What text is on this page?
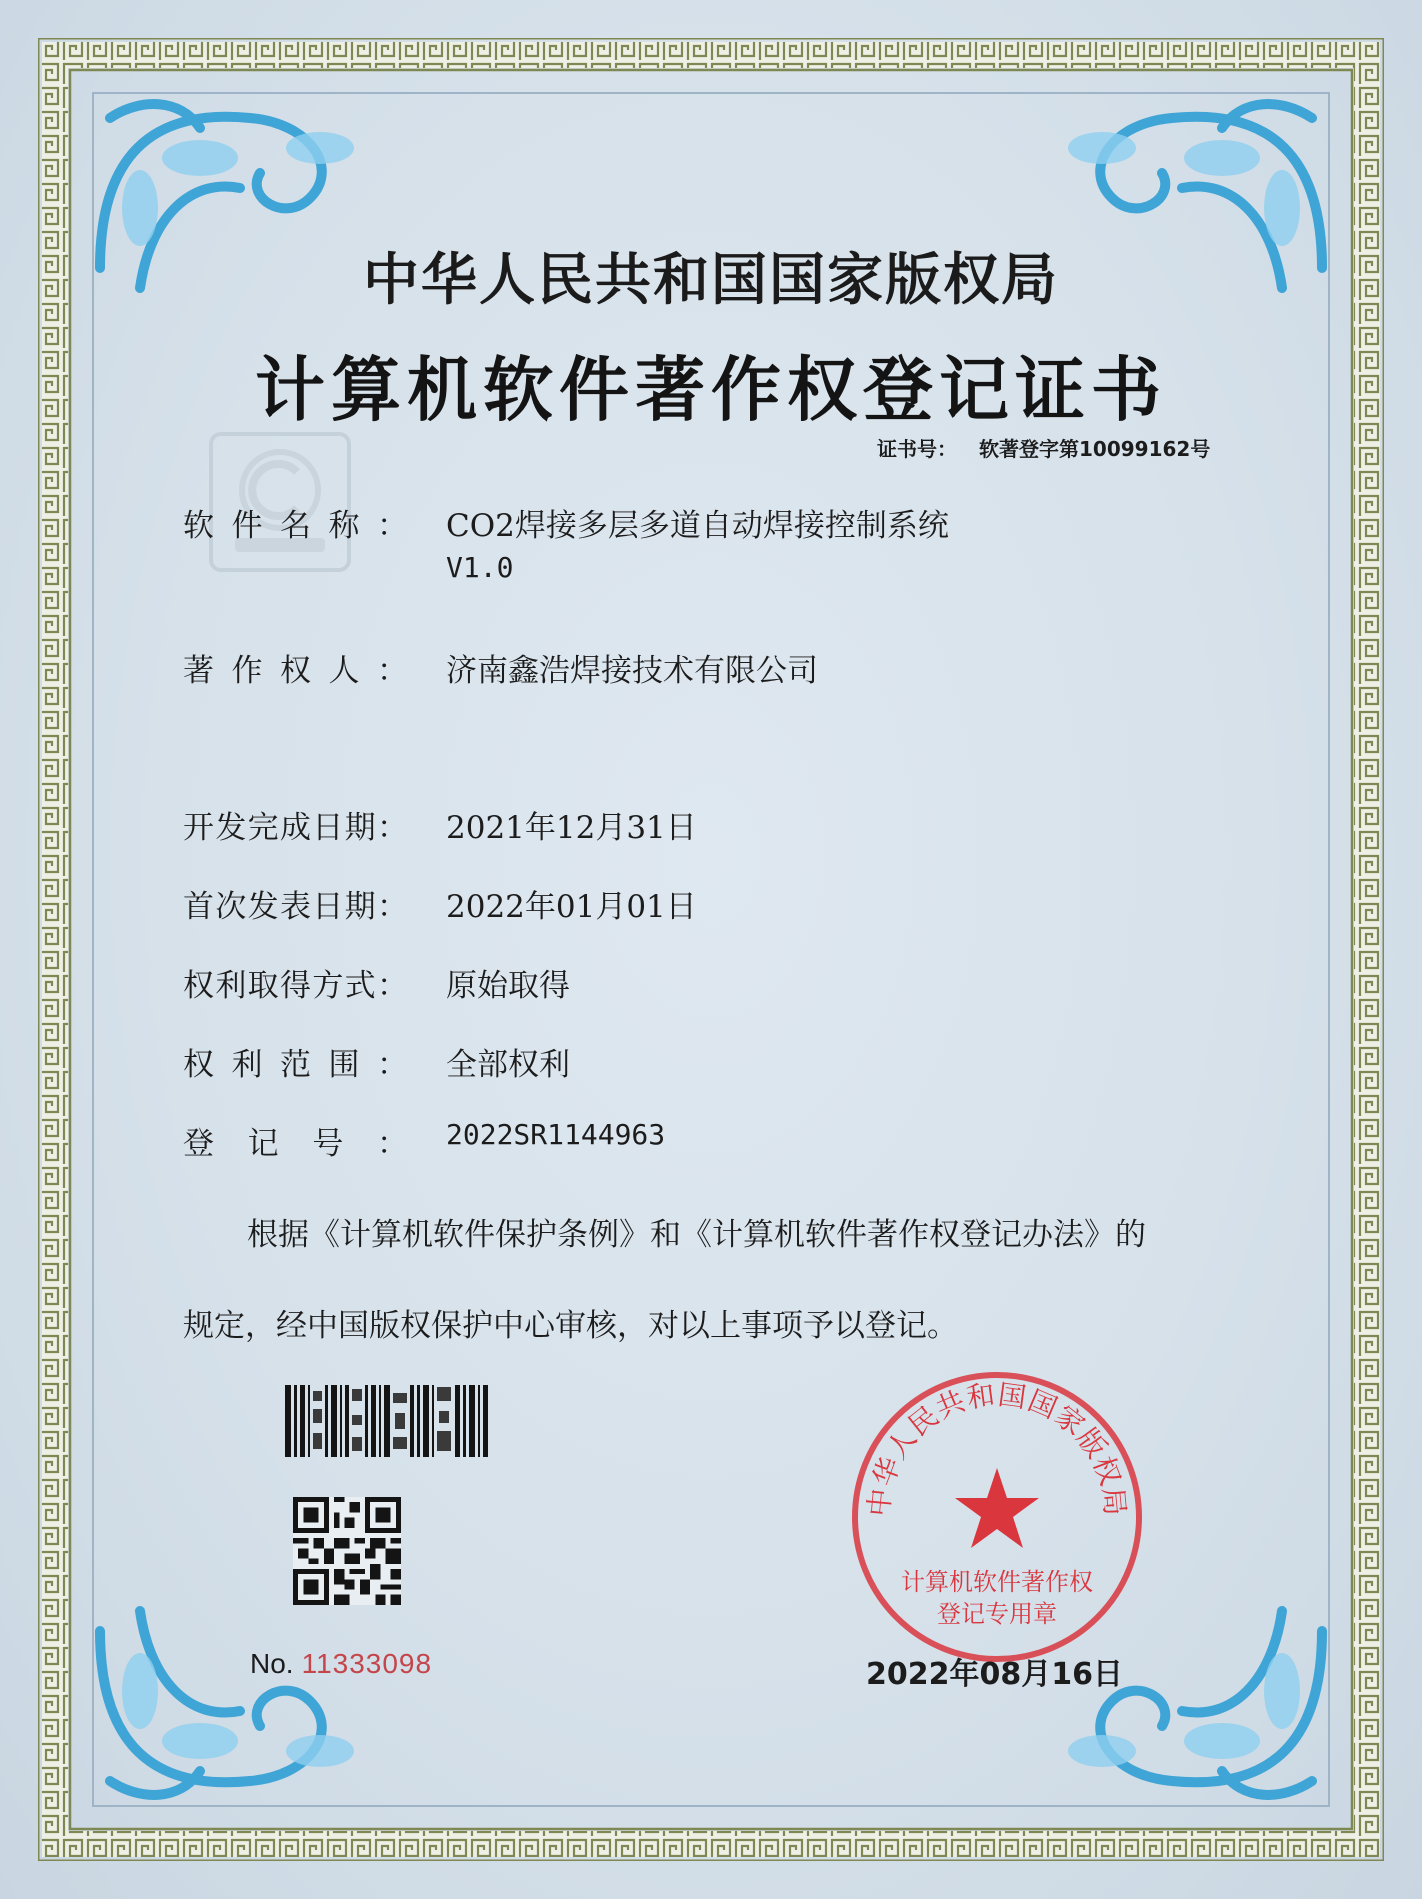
中华人民共和国国家版权局
计算机软件著作权登记证书
证书号： 软著登字第10099162号
软件名称： CO2焊接多层多道自动焊接控制系统
V1.0
著作权人： 济南鑫浩焊接技术有限公司
开发完成日期： 2021年12月31日
首次发表日期： 2022年01月01日
权利取得方式： 原始取得
权利范围： 全部权利
登记号： 2022SR1144963
根据《计算机软件保护条例》和《计算机软件著作权登记办法》的
规定，经中国版权保护中心审核，对以上事项予以登记。
No. 11333098
中华人民共和国国家版权局
计算机软件著作权
登记专用章
2022年08月16日
